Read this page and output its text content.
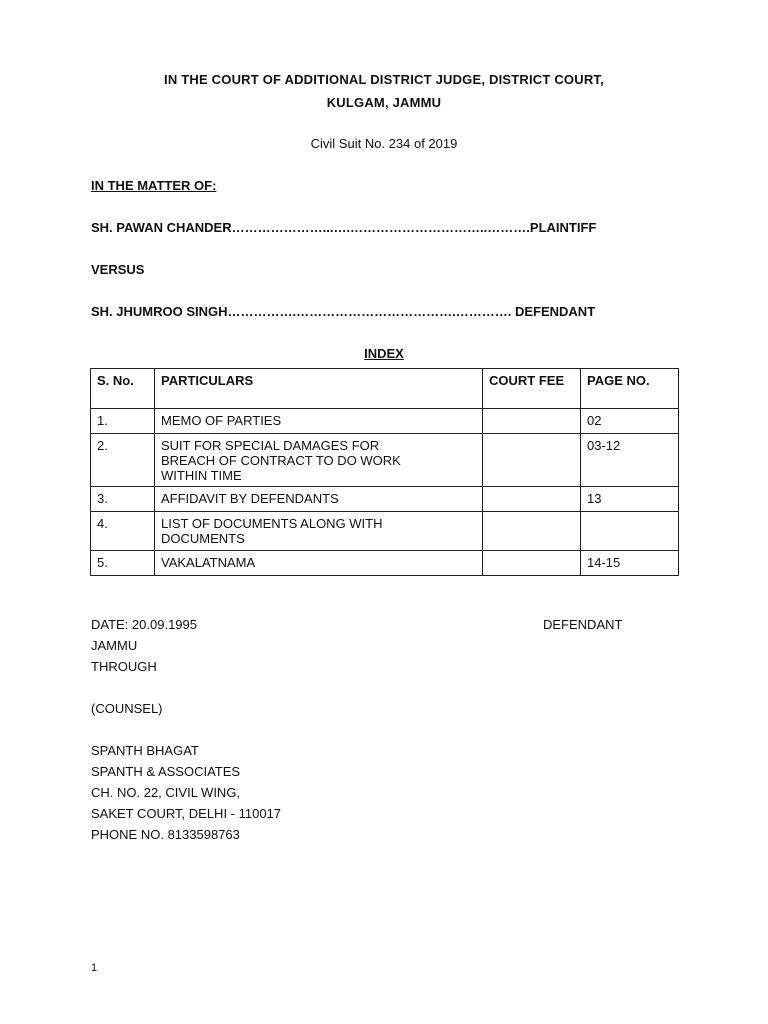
IN THE COURT OF ADDITIONAL DISTRICT JUDGE, DISTRICT COURT,
KULGAM, JAMMU
Civil Suit No. 234 of 2019
IN THE MATTER OF:
SH. PAWAN CHANDER…………………...….…………………………..……….PLAINTIFF
VERSUS
SH. JHUMROO SINGH…………….……………………………….…………. DEFENDANT
INDEX
S. No.	PARTICULARS	COURT FEE	PAGE NO.
1.	MEMO OF PARTIES		02
2.	SUIT FOR SPECIAL DAMAGES FOR BREACH OF CONTRACT TO DO WORK WITHIN TIME		03-12
3.	AFFIDAVIT BY DEFENDANTS		13
4.	LIST OF DOCUMENTS ALONG WITH DOCUMENTS		
5.	VAKALATNAMA		14-15
DATE: 20.09.1995	DEFENDANT
JAMMU
THROUGH
(COUNSEL)
SPANTH BHAGAT
SPANTH & ASSOCIATES
CH. NO. 22, CIVIL WING,
SAKET COURT, DELHI - 110017
PHONE NO. 8133598763
1
